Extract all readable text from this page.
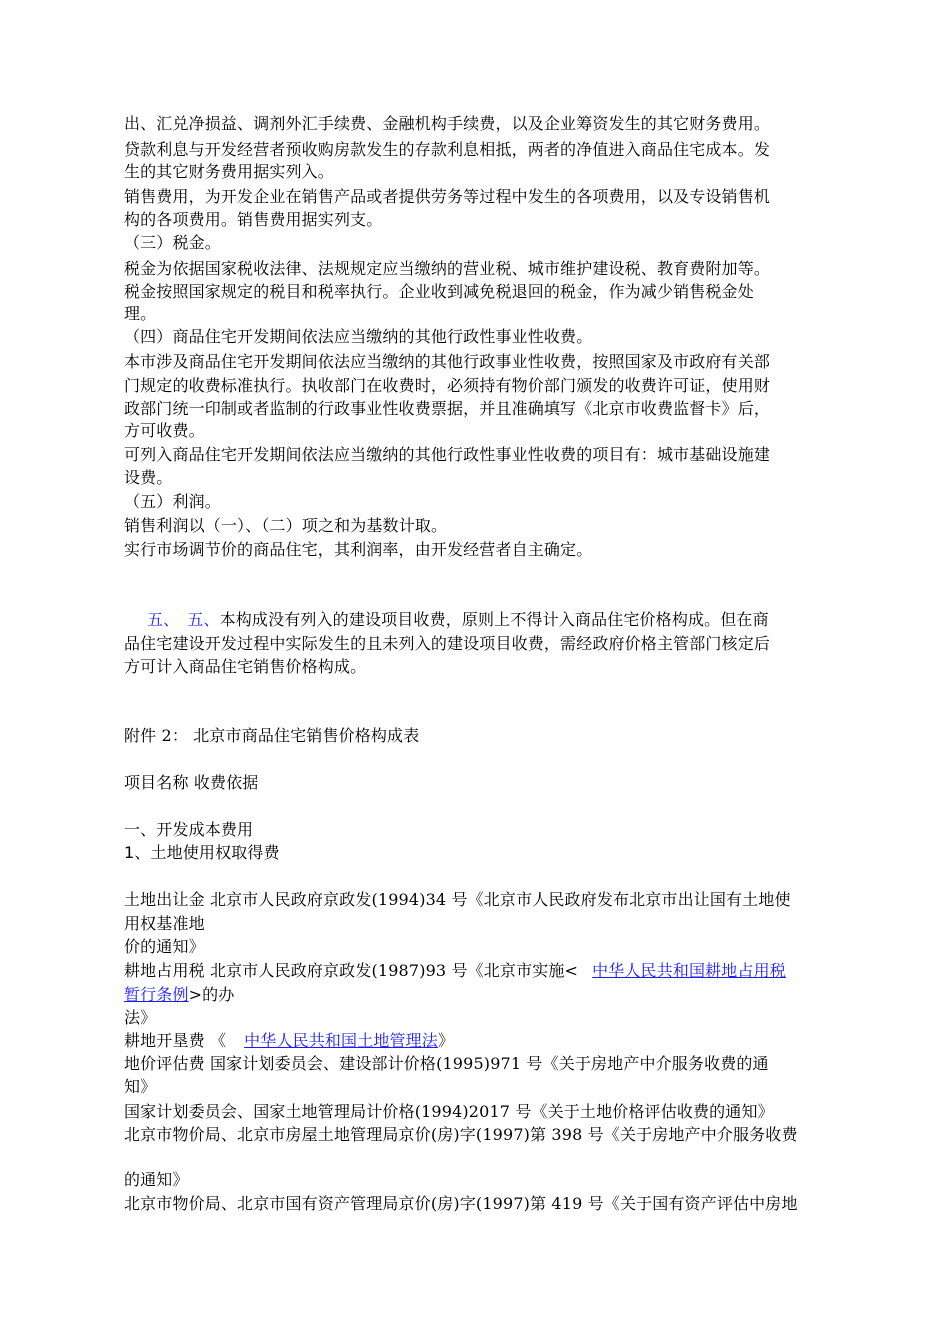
出、汇兑净损益、调剂外汇手续费、金融机构手续费，以及企业筹资发生的其它财务费用。
贷款利息与开发经营者预收购房款发生的存款利息相抵，两者的净值进入商品住宅成本。发
生的其它财务费用据实列入。
销售费用，为开发企业在销售产品或者提供劳务等过程中发生的各项费用，以及专设销售机
构的各项费用。销售费用据实列支。
（三）税金。
税金为依据国家税收法律、法规规定应当缴纳的营业税、城市维护建设税、教育费附加等。
税金按照国家规定的税目和税率执行。企业收到减免税退回的税金，作为减少销售税金处
理。
（四）商品住宅开发期间依法应当缴纳的其他行政性事业性收费。
本市涉及商品住宅开发期间依法应当缴纳的其他行政事业性收费，按照国家及市政府有关部
门规定的收费标准执行。执收部门在收费时，必须持有物价部门颁发的收费许可证，使用财
政部门统一印制或者监制的行政事业性收费票据，并且准确填写《北京市收费监督卡》后，
方可收费。
可列入商品住宅开发期间依法应当缴纳的其他行政性事业性收费的项目有：城市基础设施建
设费。
（五）利润。
销售利润以（一）、（二）项之和为基数计取。
实行市场调节价的商品住宅，其利润率，由开发经营者自主确定。
五、 五、本构成没有列入的建设项目收费，原则上不得计入商品住宅价格构成。但在商
品住宅建设开发过程中实际发生的且未列入的建设项目收费，需经政府价格主管部门核定后
方可计入商品住宅销售价格构成。
附件 2： 北京市商品住宅销售价格构成表
项目名称 收费依据
一、开发成本费用
1、土地使用权取得费
土地出让金 北京市人民政府京政发(1994)34 号《北京市人民政府发布北京市出让国有土地使
用权基准地
价的通知》
耕地占用税 北京市人民政府京政发(1987)93 号《北京市实施< 中华人民共和国耕地占用税
暂行条例>的办
法》
耕地开垦费 《 中华人民共和国土地管理法》
地价评估费 国家计划委员会、建设部计价格(1995)971 号《关于房地产中介服务收费的通
知》
国家计划委员会、国家土地管理局计价格(1994)2017 号《关于土地价格评估收费的通知》
北京市物价局、北京市房屋土地管理局京价(房)字(1997)第 398 号《关于房地产中介服务收费
的通知》
北京市物价局、北京市国有资产管理局京价(房)字(1997)第 419 号《关于国有资产评估中房地
